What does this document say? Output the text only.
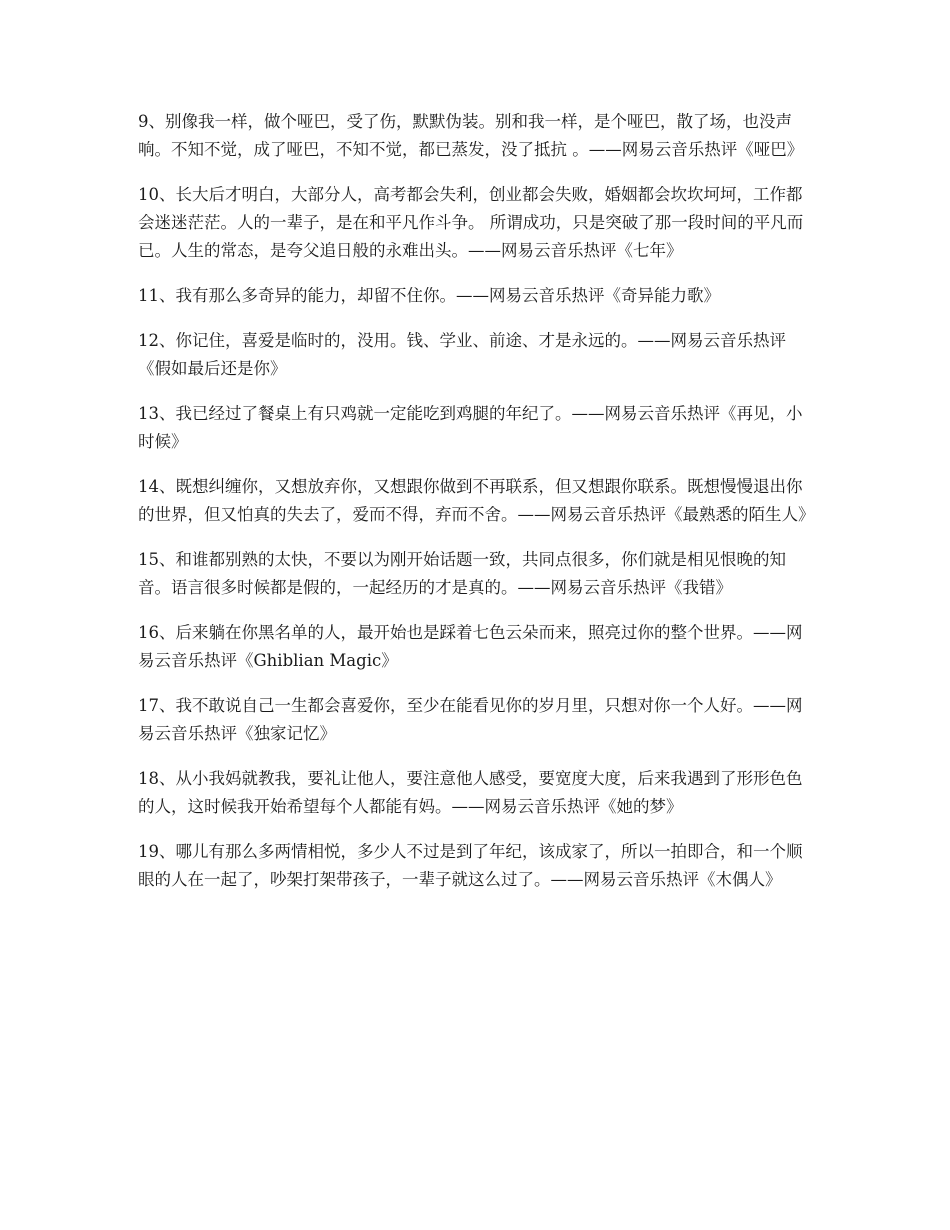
9、别像我一样，做个哑巴，受了伤，默默伪装。别和我一样，是个哑巴，散了场，也没声响。不知不觉，成了哑巴，不知不觉，都已蒸发，没了抵抗 。——网易云音乐热评《哑巴》

10、长大后才明白，大部分人，高考都会失利，创业都会失败，婚姻都会坎坎坷坷，工作都会迷迷茫茫。人的一辈子，是在和平凡作斗争。 所谓成功，只是突破了那一段时间的平凡而已。人生的常态，是夸父追日般的永难出头。——网易云音乐热评《七年》

11、我有那么多奇异的能力，却留不住你。——网易云音乐热评《奇异能力歌》

12、你记住，喜爱是临时的，没用。钱、学业、前途、才是永远的。——网易云音乐热评《假如最后还是你》

13、我已经过了餐桌上有只鸡就一定能吃到鸡腿的年纪了。——网易云音乐热评《再见，小时候》

14、既想纠缠你，又想放弃你，又想跟你做到不再联系，但又想跟你联系。既想慢慢退出你的世界，但又怕真的失去了，爱而不得，弃而不舍。——网易云音乐热评《最熟悉的陌生人》

15、和谁都别熟的太快，不要以为刚开始话题一致，共同点很多，你们就是相见恨晚的知音。语言很多时候都是假的，一起经历的才是真的。——网易云音乐热评《我错》

16、后来躺在你黑名单的人，最开始也是踩着七色云朵而来，照亮过你的整个世界。——网易云音乐热评《Ghiblian Magic》

17、我不敢说自己一生都会喜爱你，至少在能看见你的岁月里，只想对你一个人好。——网易云音乐热评《独家记忆》

18、从小我妈就教我，要礼让他人，要注意他人感受，要宽度大度，后来我遇到了形形色色的人，这时候我开始希望每个人都能有妈。——网易云音乐热评《她的梦》

19、哪儿有那么多两情相悦，多少人不过是到了年纪，该成家了，所以一拍即合，和一个顺眼的人在一起了，吵架打架带孩子，一辈子就这么过了。——网易云音乐热评《木偶人》
